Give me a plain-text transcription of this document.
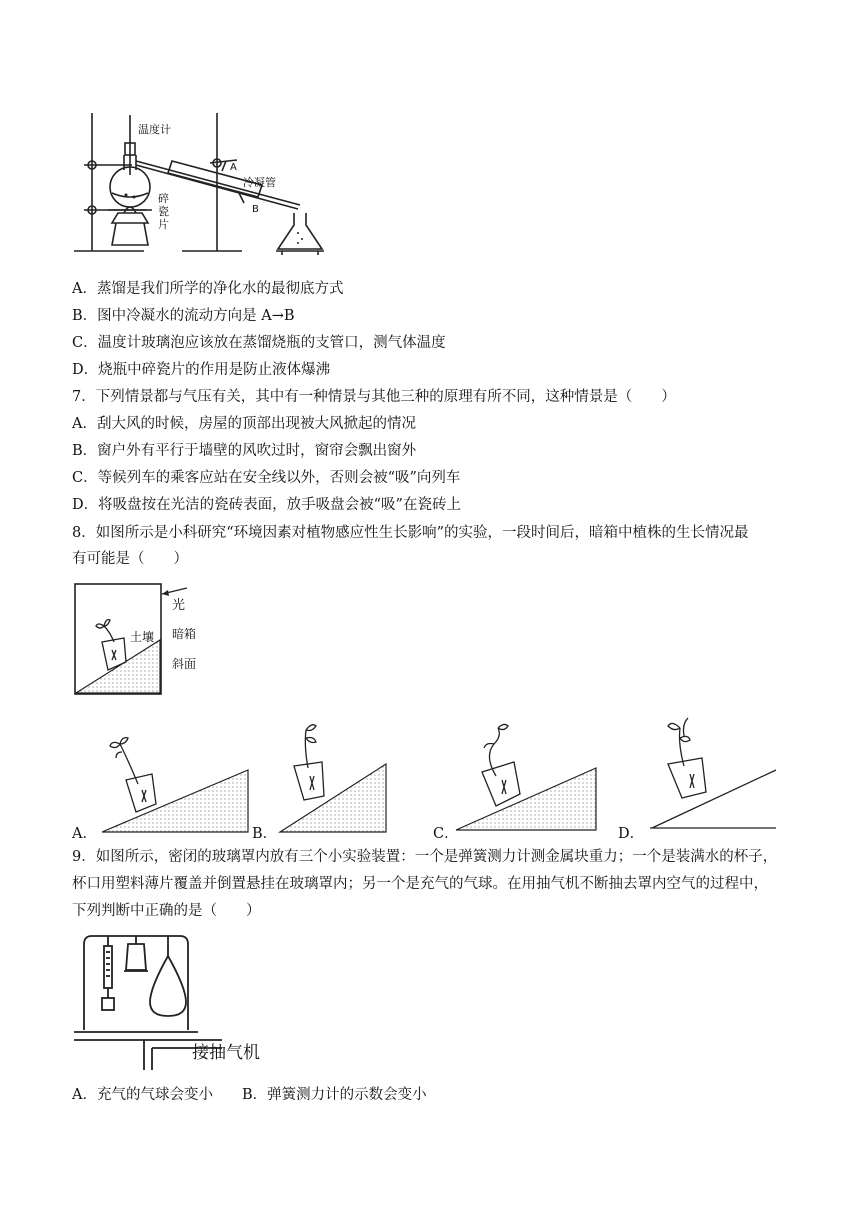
温度计
A
冷凝管
B
碎瓷片
A．蒸馏是我们所学的净化水的最彻底方式
B．图中冷凝水的流动方向是 A→B
C．温度计玻璃泡应该放在蒸馏烧瓶的支管口，测气体温度
D．烧瓶中碎瓷片的作用是防止液体爆沸
7．下列情景都与气压有关，其中有一种情景与其他三种的原理有所不同，这种情景是（　　）
A．刮大风的时候，房屋的顶部出现被大风掀起的情况
B．窗户外有平行于墙壁的风吹过时，窗帘会飘出窗外
C．等候列车的乘客应站在安全线以外，否则会被“吸”向列车
D．将吸盘按在光洁的瓷砖表面，放手吸盘会被“吸”在瓷砖上
8．如图所示是小科研究“环境因素对植物感应性生长影响”的实验，一段时间后，暗箱中植株的生长情况最
有可能是（　　）
光
土壤 暗箱
斜面
A．	B．	C．	D．
9．如图所示，密闭的玻璃罩内放有三个小实验装置：一个是弹簧测力计测金属块重力；一个是装满水的杯子，
杯口用塑料薄片覆盖并倒置悬挂在玻璃罩内；另一个是充气的气球。在用抽气机不断抽去罩内空气的过程中，
下列判断中正确的是（　　）
接抽气机
A．充气的气球会变小　　B．弹簧测力计的示数会变小
